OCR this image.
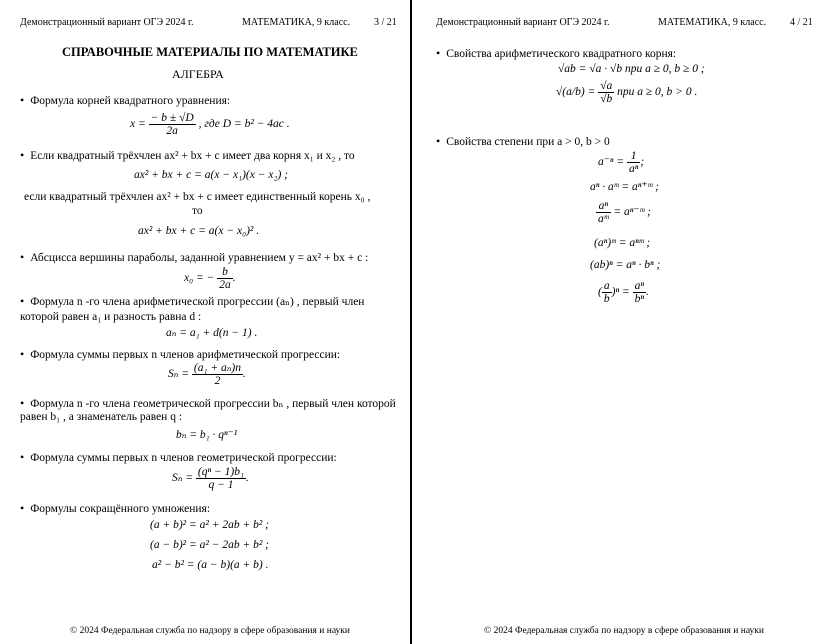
Демонстрационный вариант ОГЭ 2024 г.	МАТЕМАТИКА, 9 класс. 3 / 21
СПРАВОЧНЫЕ МАТЕРИАЛЫ ПО МАТЕМАТИКЕ
АЛГЕБРА
• Формула корней квадратного уравнения:
$x = \frac{- b \pm √D}{2a}$ , где D = b² − 4ac .
• Если квадратный трёхчлен ax² + bx + c имеет два корня x₁ и x₂ , то
ax² + bx + c = a(x − x₁)(x − x₂) ;
если квадратный трёхчлен ax² + bx + c имеет единственный корень x₀ ,
то
ax² + bx + c = a(x − x₀)² .
• Абсцисса вершины параболы, заданной уравнением y = ax² + bx + c :
x₀ = − $\frac{b}{2a}$ .
• Формула n -го члена арифметической прогрессии (aₙ) , первый член
которой равен a₁ и разность равна d :
aₙ = a₁ + d(n − 1) .
• Формула суммы первых n членов арифметической прогрессии:
$S_n = \frac{\text{(a₁ + aₙ)n}}{2}$ .
• Формула n -го члена геометрической прогрессии bₙ , первый член которой
равен b₁ , а знаменатель равен q :
bₙ = b₁ · qⁿ⁻¹
• Формула суммы первых n членов геометрической прогрессии:
$S_n = \frac{\text{(qⁿ − 1)b₁}}{q - 1}$ .
• Формулы сокращённого умножения:
(a + b)² = a² + 2ab + b² ;
(a − b)² = a² − 2ab + b² ;
a² − b² = (a − b)(a + b) .
© 2024 Федеральная служба по надзору в сфере образования и науки
Демонстрационный вариант ОГЭ 2024 г.	МАТЕМАТИКА, 9 класс. 4 / 21
• Свойства арифметического квадратного корня:
√ab = √a · √b при a ≥ 0, b ≥ 0 ;
$√(a/b) = \frac{√a}{√b}$ при a ≥ 0, b > 0 .
• Свойства степени при a > 0, b > 0
$a^{-n} = \frac{1}{\text{aⁿ}}$ ;
aⁿ · aᵐ = aⁿ⁺ᵐ ;
$\frac{\text{aⁿ}}{\text{aᵐ}}$ = aⁿ⁻ᵐ ;
(aⁿ)ᵐ = aⁿᵐ ;
(ab)ⁿ = aⁿ · bⁿ ;
( $\frac{a}{b} )^n = \frac{\text{aⁿ}}{\text{bⁿ}}$ .
© 2024 Федеральная служба по надзору в сфере образования и науки
